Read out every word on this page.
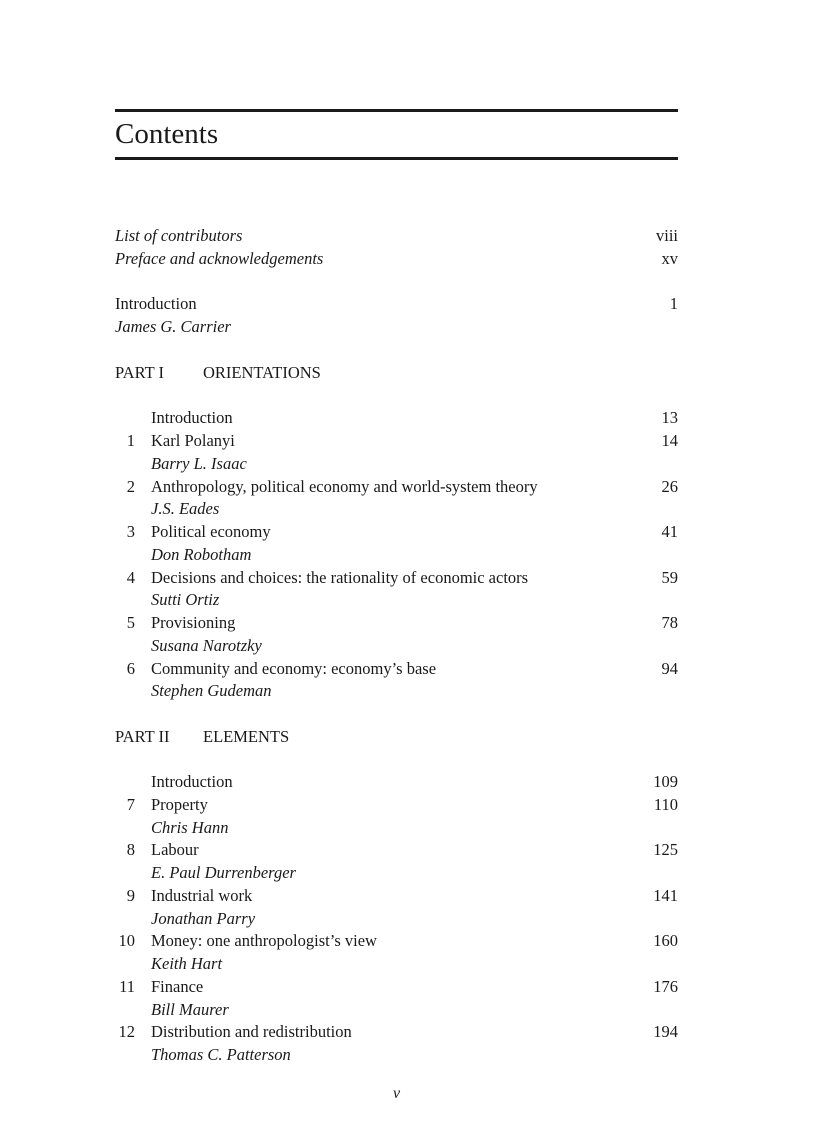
Contents
List of contributors	viii
Preface and acknowledgements	xv
Introduction	1
James G. Carrier
PART I ORIENTATIONS
Introduction	13
1 Karl Polanyi	14
Barry L. Isaac
2 Anthropology, political economy and world-system theory	26
J.S. Eades
3 Political economy	41
Don Robotham
4 Decisions and choices: the rationality of economic actors	59
Sutti Ortiz
5 Provisioning	78
Susana Narotzky
6 Community and economy: economy’s base	94
Stephen Gudeman
PART II ELEMENTS
Introduction	109
7 Property	110
Chris Hann
8 Labour	125
E. Paul Durrenberger
9 Industrial work	141
Jonathan Parry
10 Money: one anthropologist’s view	160
Keith Hart
11 Finance	176
Bill Maurer
12 Distribution and redistribution	194
Thomas C. Patterson
v
